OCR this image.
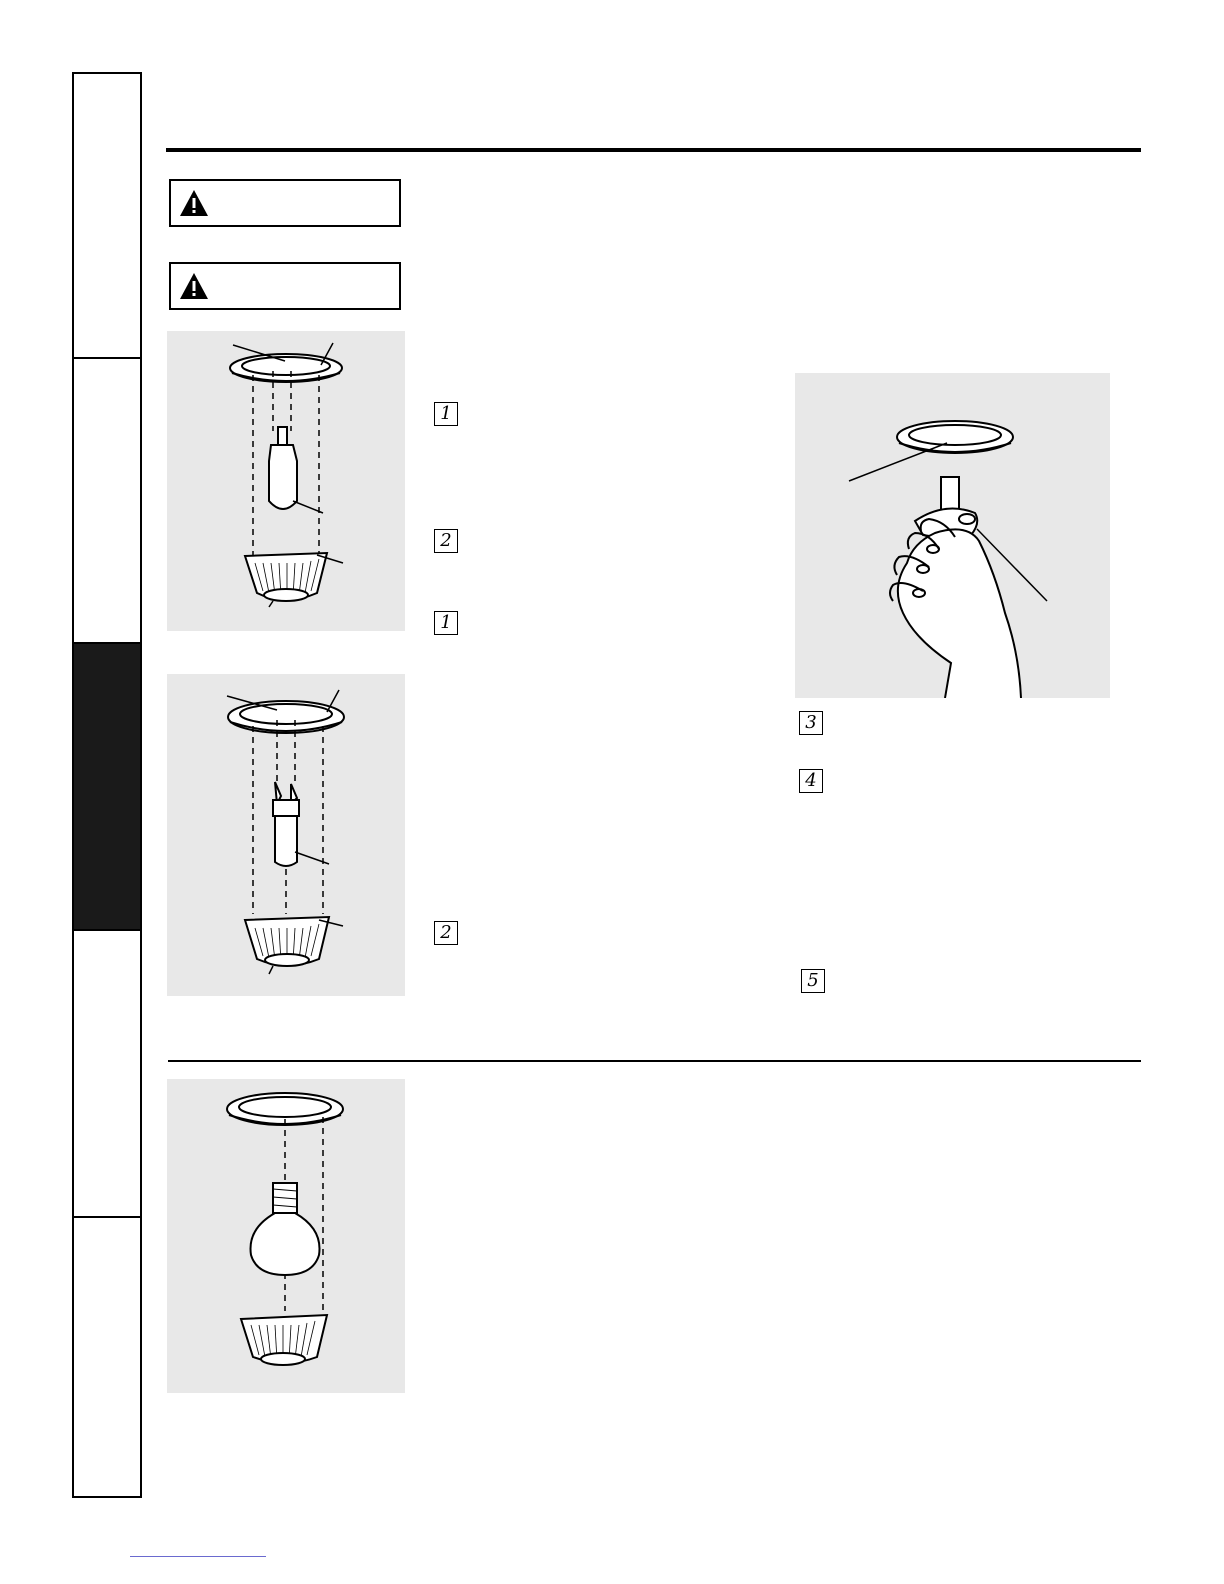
1
2
1
2
3
4
5
